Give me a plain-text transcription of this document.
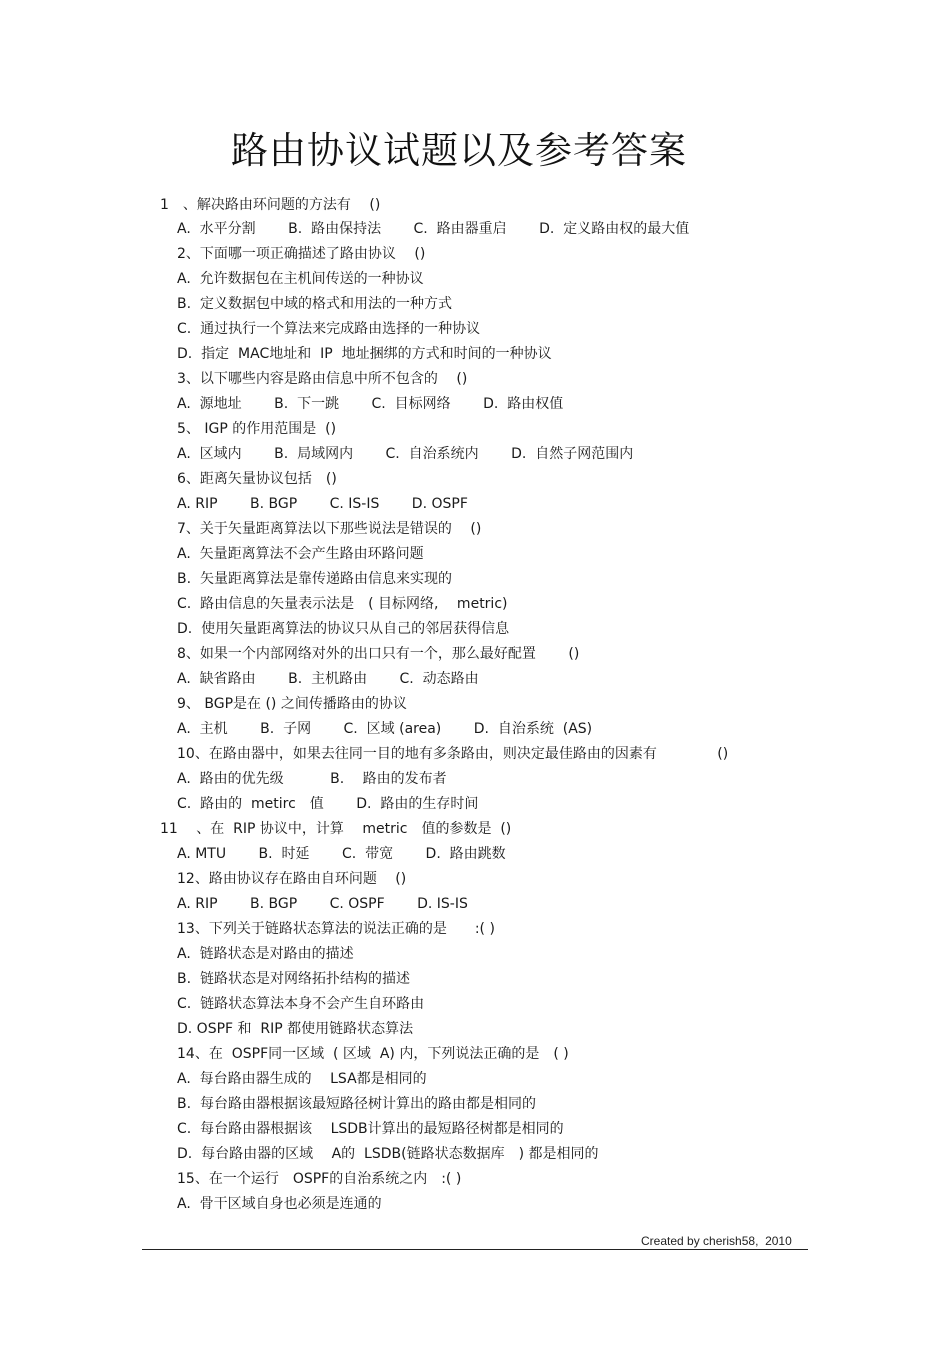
路由协议试题以及参考答案
1　、解决路由环问题的方法有　 ()
A.  水平分割　　 B.  路由保持法　　 C.  路由器重启　　 D.  定义路由权的最大值
2、下面哪一项正确描述了路由协议　 ()
A.  允许数据包在主机间传送的一种协议
B.  定义数据包中域的格式和用法的一种方式
C.  通过执行一个算法来完成路由选择的一种协议
D.  指定  MAC地址和  IP  地址捆绑的方式和时间的一种协议
3、以下哪些内容是路由信息中所不包含的　 ()
A.  源地址　　 B.  下一跳　　 C.  目标网络　　 D.  路由权值
5、 IGP 的作用范围是  ()
A.  区域内　　 B.  局域网内　　 C.  自治系统内　　 D.  自然子网范围内
6、距离矢量协议包括　()
A. RIP　　 B. BGP　　 C. IS-IS　　 D. OSPF
7、关于矢量距离算法以下那些说法是错误的　 ()
A.  矢量距离算法不会产生路由环路问题
B.  矢量距离算法是靠传递路由信息来实现的
C.  路由信息的矢量表示法是　( 目标网络,　 metric)
D.  使用矢量距离算法的协议只从自己的邻居获得信息
8、如果一个内部网络对外的出口只有一个，那么最好配置　　 ()
A.  缺省路由　　 B.  主机路由　　 C.  动态路由
9、 BGP是在 () 之间传播路由的协议
A.  主机　　 B.  子网　　 C.  区域 (area)　　 D.  自治系统  (AS)
10、在路由器中，如果去往同一目的地有多条路由，则决定最佳路由的因素有　　　　 ()
A.  路由的优先级　　　 B.　 路由的发布者
C.  路由的  metirc　值　　 D.  路由的生存时间
11　 、在  RIP 协议中，计算　 metric　值的参数是  ()
A. MTU　　 B.  时延　　 C.  带宽　　 D.  路由跳数
12、路由协议存在路由自环问题　 ()
A. RIP　　 B. BGP　　 C. OSPF　　 D. IS-IS
13、下列关于链路状态算法的说法正确的是　　:( )
A.  链路状态是对路由的描述
B.  链路状态是对网络拓扑结构的描述
C.  链路状态算法本身不会产生自环路由
D. OSPF 和  RIP 都使用链路状态算法
14、在  OSPF同一区域  ( 区域  A) 内，下列说法正确的是　( )
A.  每台路由器生成的　 LSA都是相同的
B.  每台路由器根据该最短路径树计算出的路由都是相同的
C.  每台路由器根据该　 LSDB计算出的最短路径树都是相同的
D.  每台路由器的区域　 A的  LSDB(链路状态数据库　) 都是相同的
15、在一个运行　OSPF的自治系统之内　:( )
A.  骨干区域自身也必须是连通的
Created by cherish58,  2010
